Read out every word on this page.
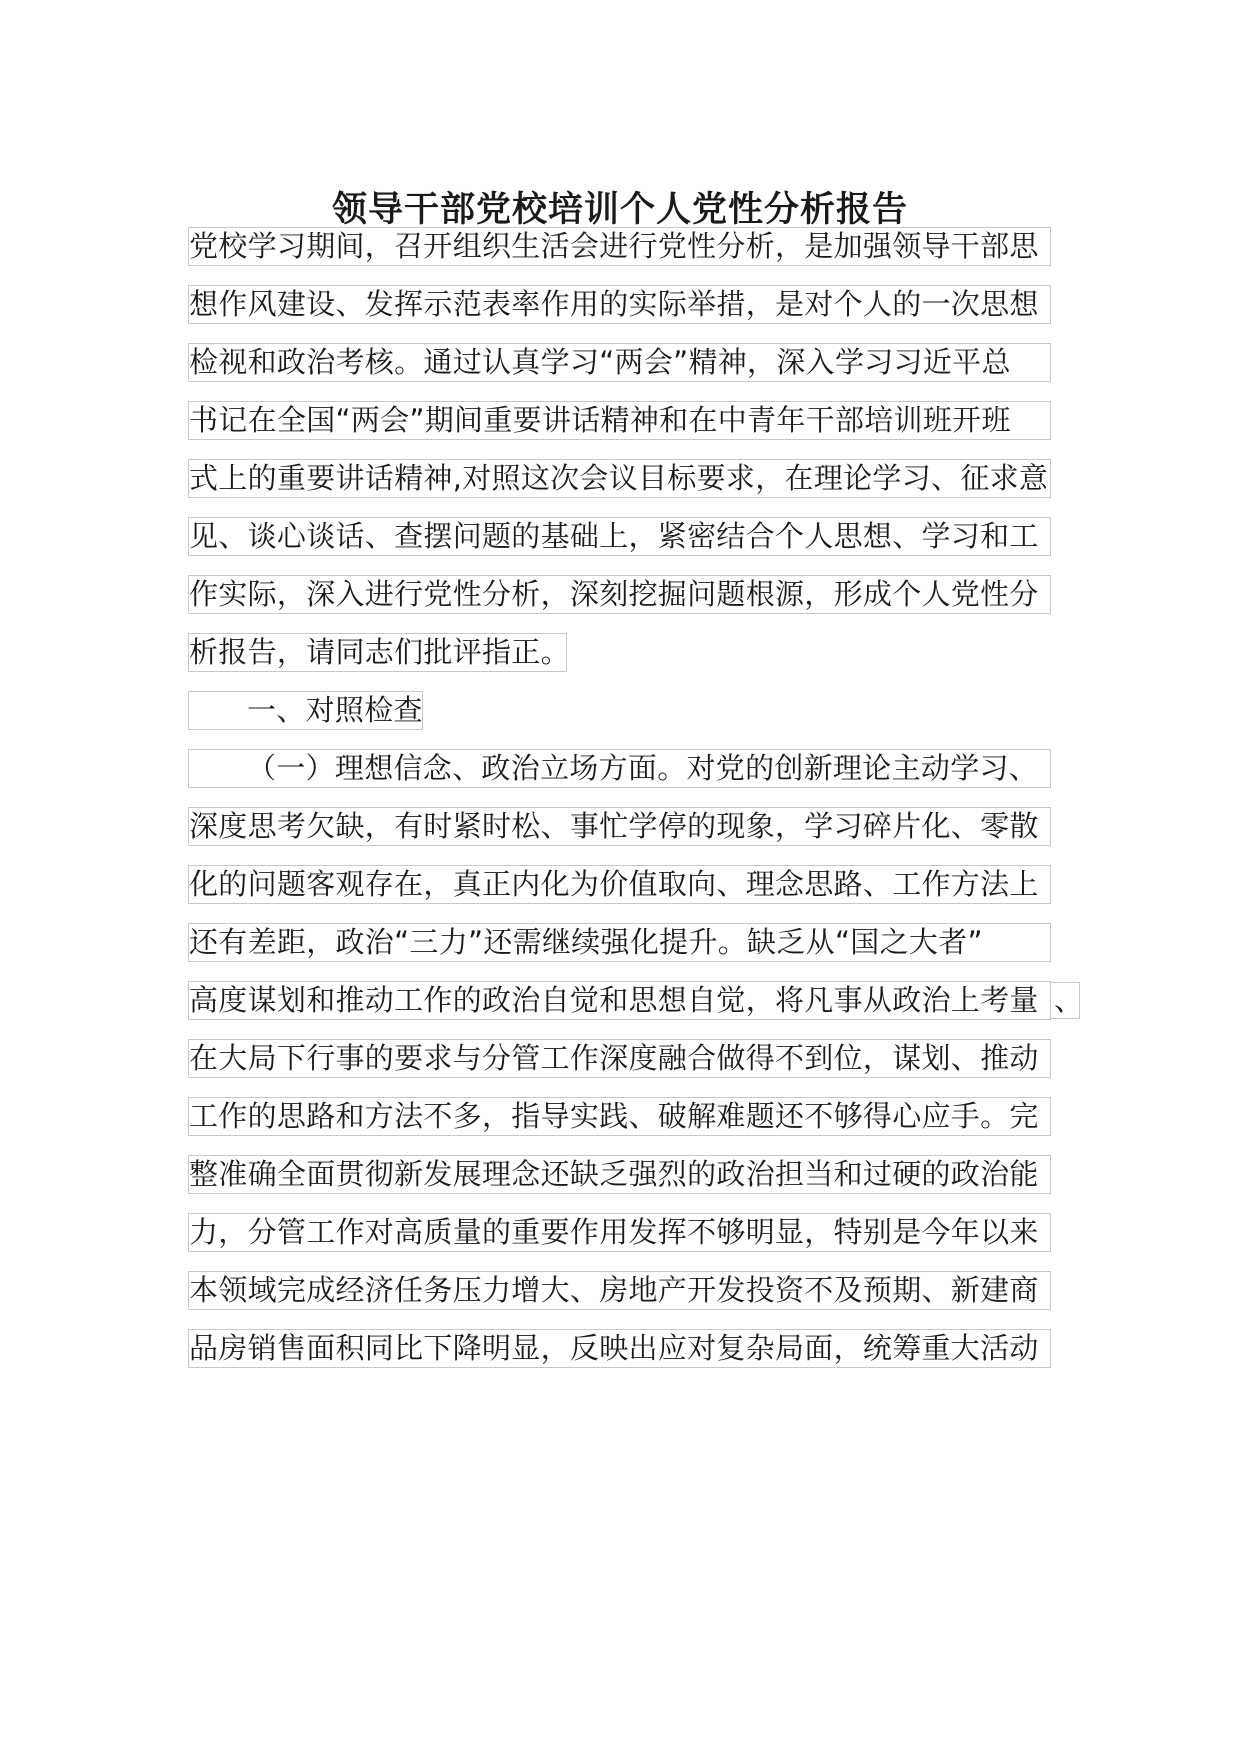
领导干部党校培训个人党性分析报告
党校学习期间，召开组织生活会进行党性分析，是加强领导干部思
想作风建设、发挥示范表率作用的实际举措，是对个人的一次思想
检视和政治考核。通过认真学习“两会”精神，深入学习习近平总
书记在全国“两会”期间重要讲话精神和在中青年干部培训班开班
式上的重要讲话精神,对照这次会议目标要求，在理论学习、征求意
见、谈心谈话、查摆问题的基础上，紧密结合个人思想、学习和工
作实际，深入进行党性分析，深刻挖掘问题根源，形成个人党性分
析报告，请同志们批评指正。
一、对照检查
（一）理想信念、政治立场方面。对党的创新理论主动学习、
深度思考欠缺，有时紧时松、事忙学停的现象，学习碎片化、零散
化的问题客观存在，真正内化为价值取向、理念思路、工作方法上
还有差距，政治“三力”还需继续强化提升。缺乏从“国之大者”
高度谋划和推动工作的政治自觉和思想自觉，将凡事从政治上考量 、
在大局下行事的要求与分管工作深度融合做得不到位，谋划、推动
工作的思路和方法不多，指导实践、破解难题还不够得心应手。完
整准确全面贯彻新发展理念还缺乏强烈的政治担当和过硬的政治能
力，分管工作对高质量的重要作用发挥不够明显，特别是今年以来
本领域完成经济任务压力增大、房地产开发投资不及预期、新建商
品房销售面积同比下降明显，反映出应对复杂局面，统筹重大活动
